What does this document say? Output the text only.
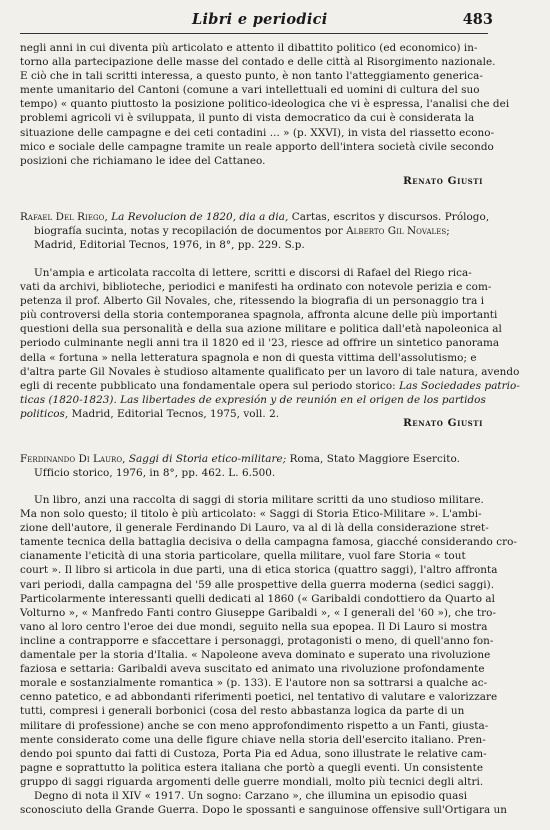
Libri e periodici	483
negli anni in cui diventa più articolato e attento il dibattito politico (ed economico) in-
torno alla partecipazione delle masse del contado e delle città al Risorgimento nazionale.
E ciò che in tali scritti interessa, a questo punto, è non tanto l'atteggiamento generica-
mente umanitario del Cantoni (comune a vari intellettuali ed uomini di cultura del suo
tempo) « quanto piuttosto la posizione politico-ideologica che vi è espressa, l'analisi che dei
problemi agricoli vi è sviluppata, il punto di vista democratico da cui è considerata la
situazione delle campagne e dei ceti contadini ... » (p. XXVI), in vista del riassetto econo-
mico e sociale delle campagne tramite un reale apporto dell'intera società civile secondo
posizioni che richiamano le idee del Cattaneo.
Renato Giusti
Rafael Del Riego, La Revolucion de 1820, dia a dia, Cartas, escritos y discursos. Prólogo,
biografía sucinta, notas y recopilación de documentos por Alberto Gil Novales;
Madrid, Editorial Tecnos, 1976, in 8°, pp. 229. S.p.
Un'ampia e articolata raccolta di lettere, scritti e discorsi di Rafael del Riego rica-
vati da archivi, biblioteche, periodici e manifesti ha ordinato con notevole perizia e com-
petenza il prof. Alberto Gil Novales, che, ritessendo la biografia di un personaggio tra i
più controversi della storia contemporanea spagnola, affronta alcune delle più importanti
questioni della sua personalità e della sua azione militare e politica dall'età napoleonica al
periodo culminante negli anni tra il 1820 ed il '23, riesce ad offrire un sintetico panorama
della « fortuna » nella letteratura spagnola e non di questa vittima dell'assolutismo; e
d'altra parte Gil Novales è studioso altamente qualificato per un lavoro di tale natura, avendo
egli di recente pubblicato una fondamentale opera sul periodo storico: Las Sociedades patrio-
ticas (1820-1823). Las libertades de expresión y de reunión en el origen de los partidos
politicos, Madrid, Editorial Tecnos, 1975, voll. 2.
Renato Giusti
Ferdinando Di Lauro, Saggi di Storia etico-militare; Roma, Stato Maggiore Esercito.
Ufficio storico, 1976, in 8°, pp. 462. L. 6.500.
Un libro, anzi una raccolta di saggi di storia militare scritti da uno studioso militare.
Ma non solo questo; il titolo è più articolato: « Saggi di Storia Etico-Militare ». L'ambi-
zione dell'autore, il generale Ferdinando Di Lauro, va al di là della considerazione stret-
tamente tecnica della battaglia decisiva o della campagna famosa, giacché considerando cro-
cianamente l'eticità di una storia particolare, quella militare, vuol fare Storia « tout
court ». Il libro si articola in due parti, una di etica storica (quattro saggi), l'altro affronta
vari periodi, dalla campagna del '59 alle prospettive della guerra moderna (sedici saggi).
Particolarmente interessanti quelli dedicati al 1860 (« Garibaldi condottiero da Quarto al
Volturno », « Manfredo Fanti contro Giuseppe Garibaldi », « I generali del '60 »), che tro-
vano al loro centro l'eroe dei due mondi, seguito nella sua epopea. Il Di Lauro si mostra
incline a contrapporre e sfaccettare i personaggi, protagonisti o meno, di quell'anno fon-
damentale per la storia d'Italia. « Napoleone aveva dominato e superato una rivoluzione
faziosa e settaria: Garibaldi aveva suscitato ed animato una rivoluzione profondamente
morale e sostanzialmente romantica » (p. 133). E l'autore non sa sottrarsi a qualche ac-
cenno patetico, e ad abbondanti riferimenti poetici, nel tentativo di valutare e valorizzare
tutti, compresi i generali borbonici (cosa del resto abbastanza logica da parte di un
militare di professione) anche se con meno approfondimento rispetto a un Fanti, giusta-
mente considerato come una delle figure chiave nella storia dell'esercito italiano. Pren-
dendo poi spunto dai fatti di Custoza, Porta Pia ed Adua, sono illustrate le relative cam-
pagne e soprattutto la politica estera italiana che portò a quegli eventi. Un consistente
gruppo di saggi riguarda argomenti delle guerre mondiali, molto più tecnici degli altri.
Degno di nota il XIV « 1917. Un sogno: Carzano », che illumina un episodio quasi
sconosciuto della Grande Guerra. Dopo le spossanti e sanguinose offensive sull'Ortigara un
